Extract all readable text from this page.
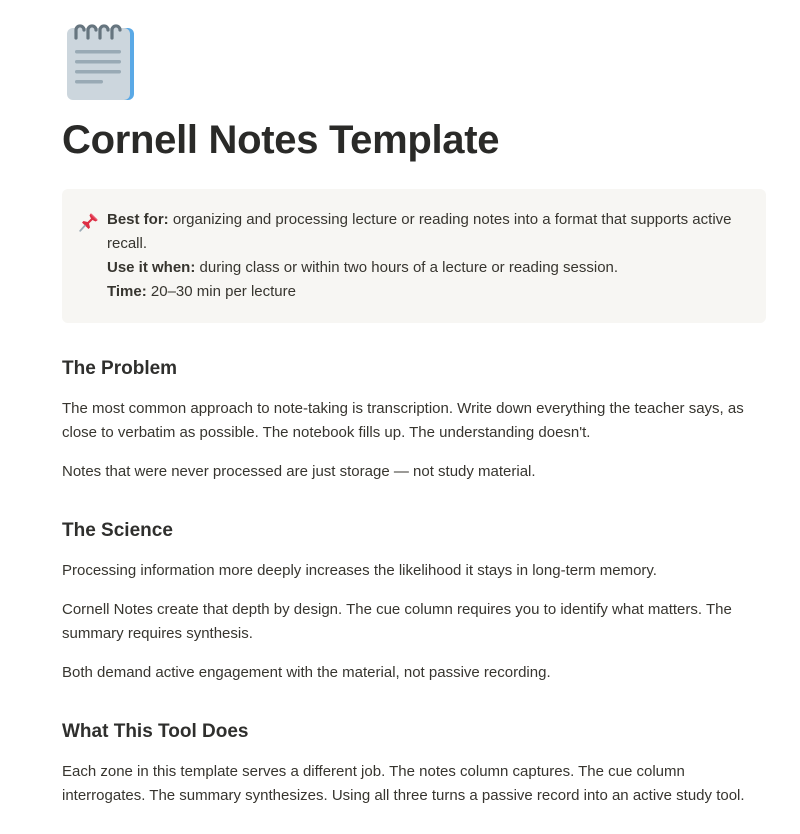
Cornell Notes Template
Best for: organizing and processing lecture or reading notes into a format that supports active recall.
Use it when: during class or within two hours of a lecture or reading session.
Time: 20–30 min per lecture
The Problem

The most common approach to note-taking is transcription. Write down everything the teacher says, as close to verbatim as possible. The notebook fills up. The understanding doesn't.

Notes that were never processed are just storage — not study material.

The Science

Processing information more deeply increases the likelihood it stays in long-term memory.

Cornell Notes create that depth by design. The cue column requires you to identify what matters. The summary requires synthesis.

Both demand active engagement with the material, not passive recording.

What This Tool Does

Each zone in this template serves a different job. The notes column captures. The cue column interrogates. The summary synthesizes. Using all three turns a passive record into an active study tool.
